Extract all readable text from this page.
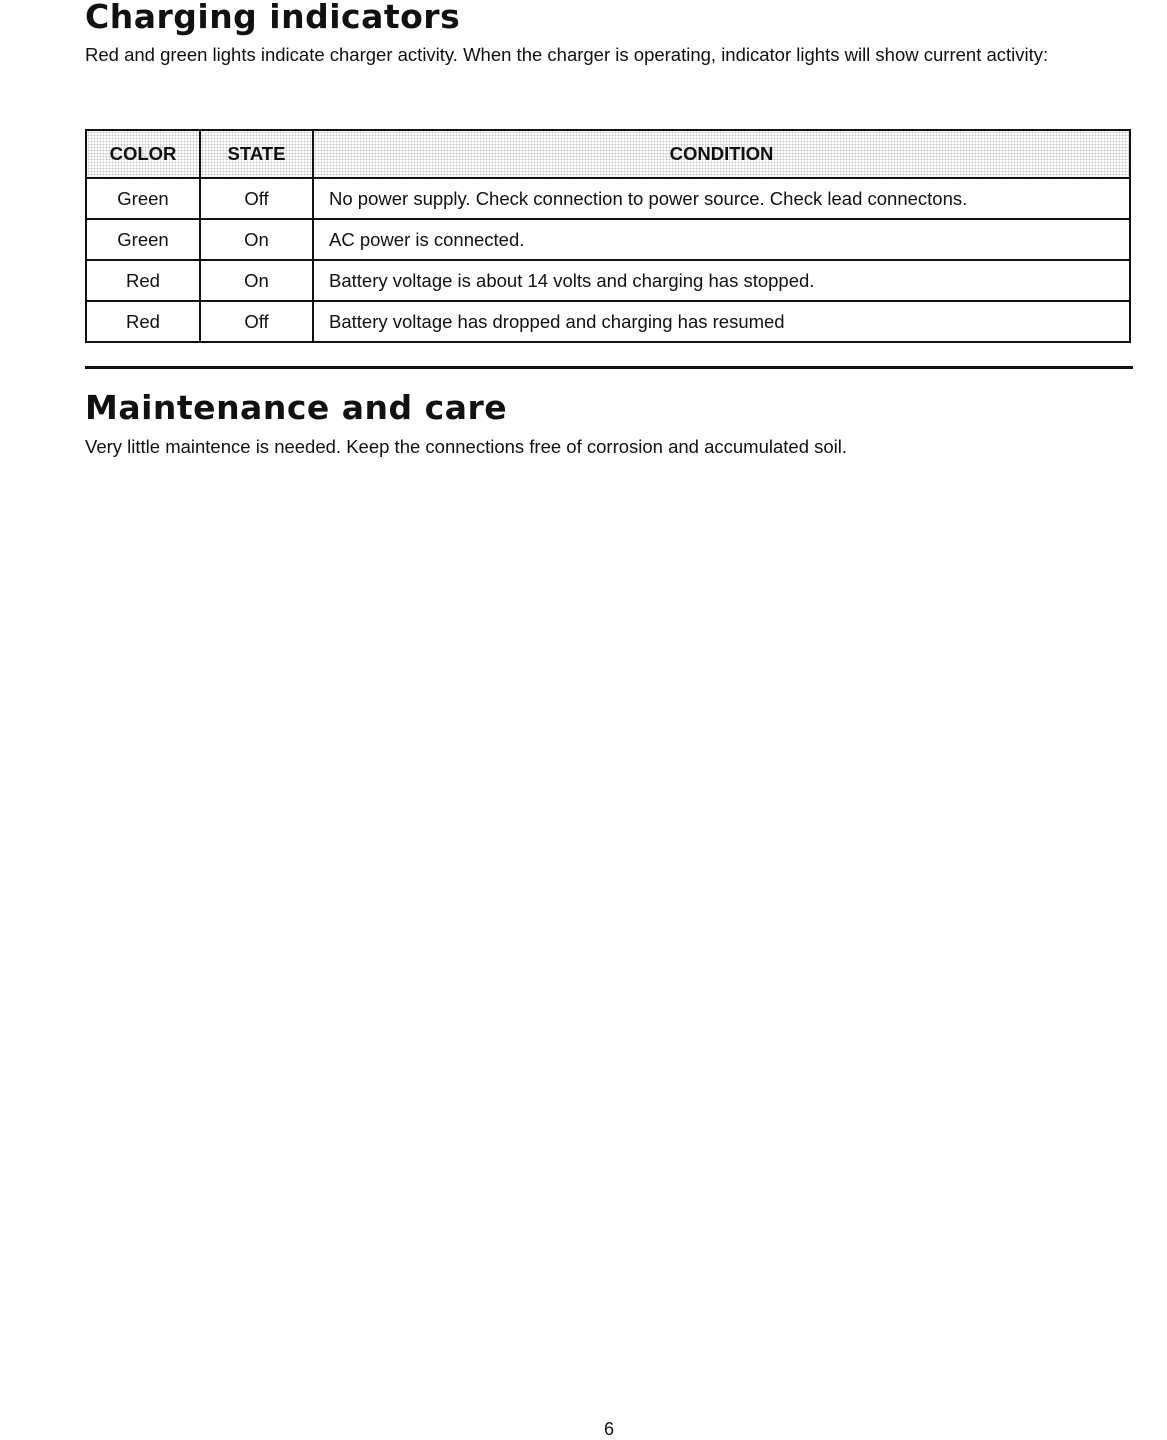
Charging indicators

Red and green lights indicate charger activity. When the charger is operating, indicator lights will show current activity:

COLOR	STATE	CONDITION
Green	Off	No power supply. Check connection to power source. Check lead connectons.
Green	On	AC power is connected.
Red	On	Battery voltage is about 14 volts and charging has stopped.
Red	Off	Battery voltage has dropped and charging has resumed
Maintenance and care

Very little maintence is needed. Keep the connections free of corrosion and accumulated soil.

6
